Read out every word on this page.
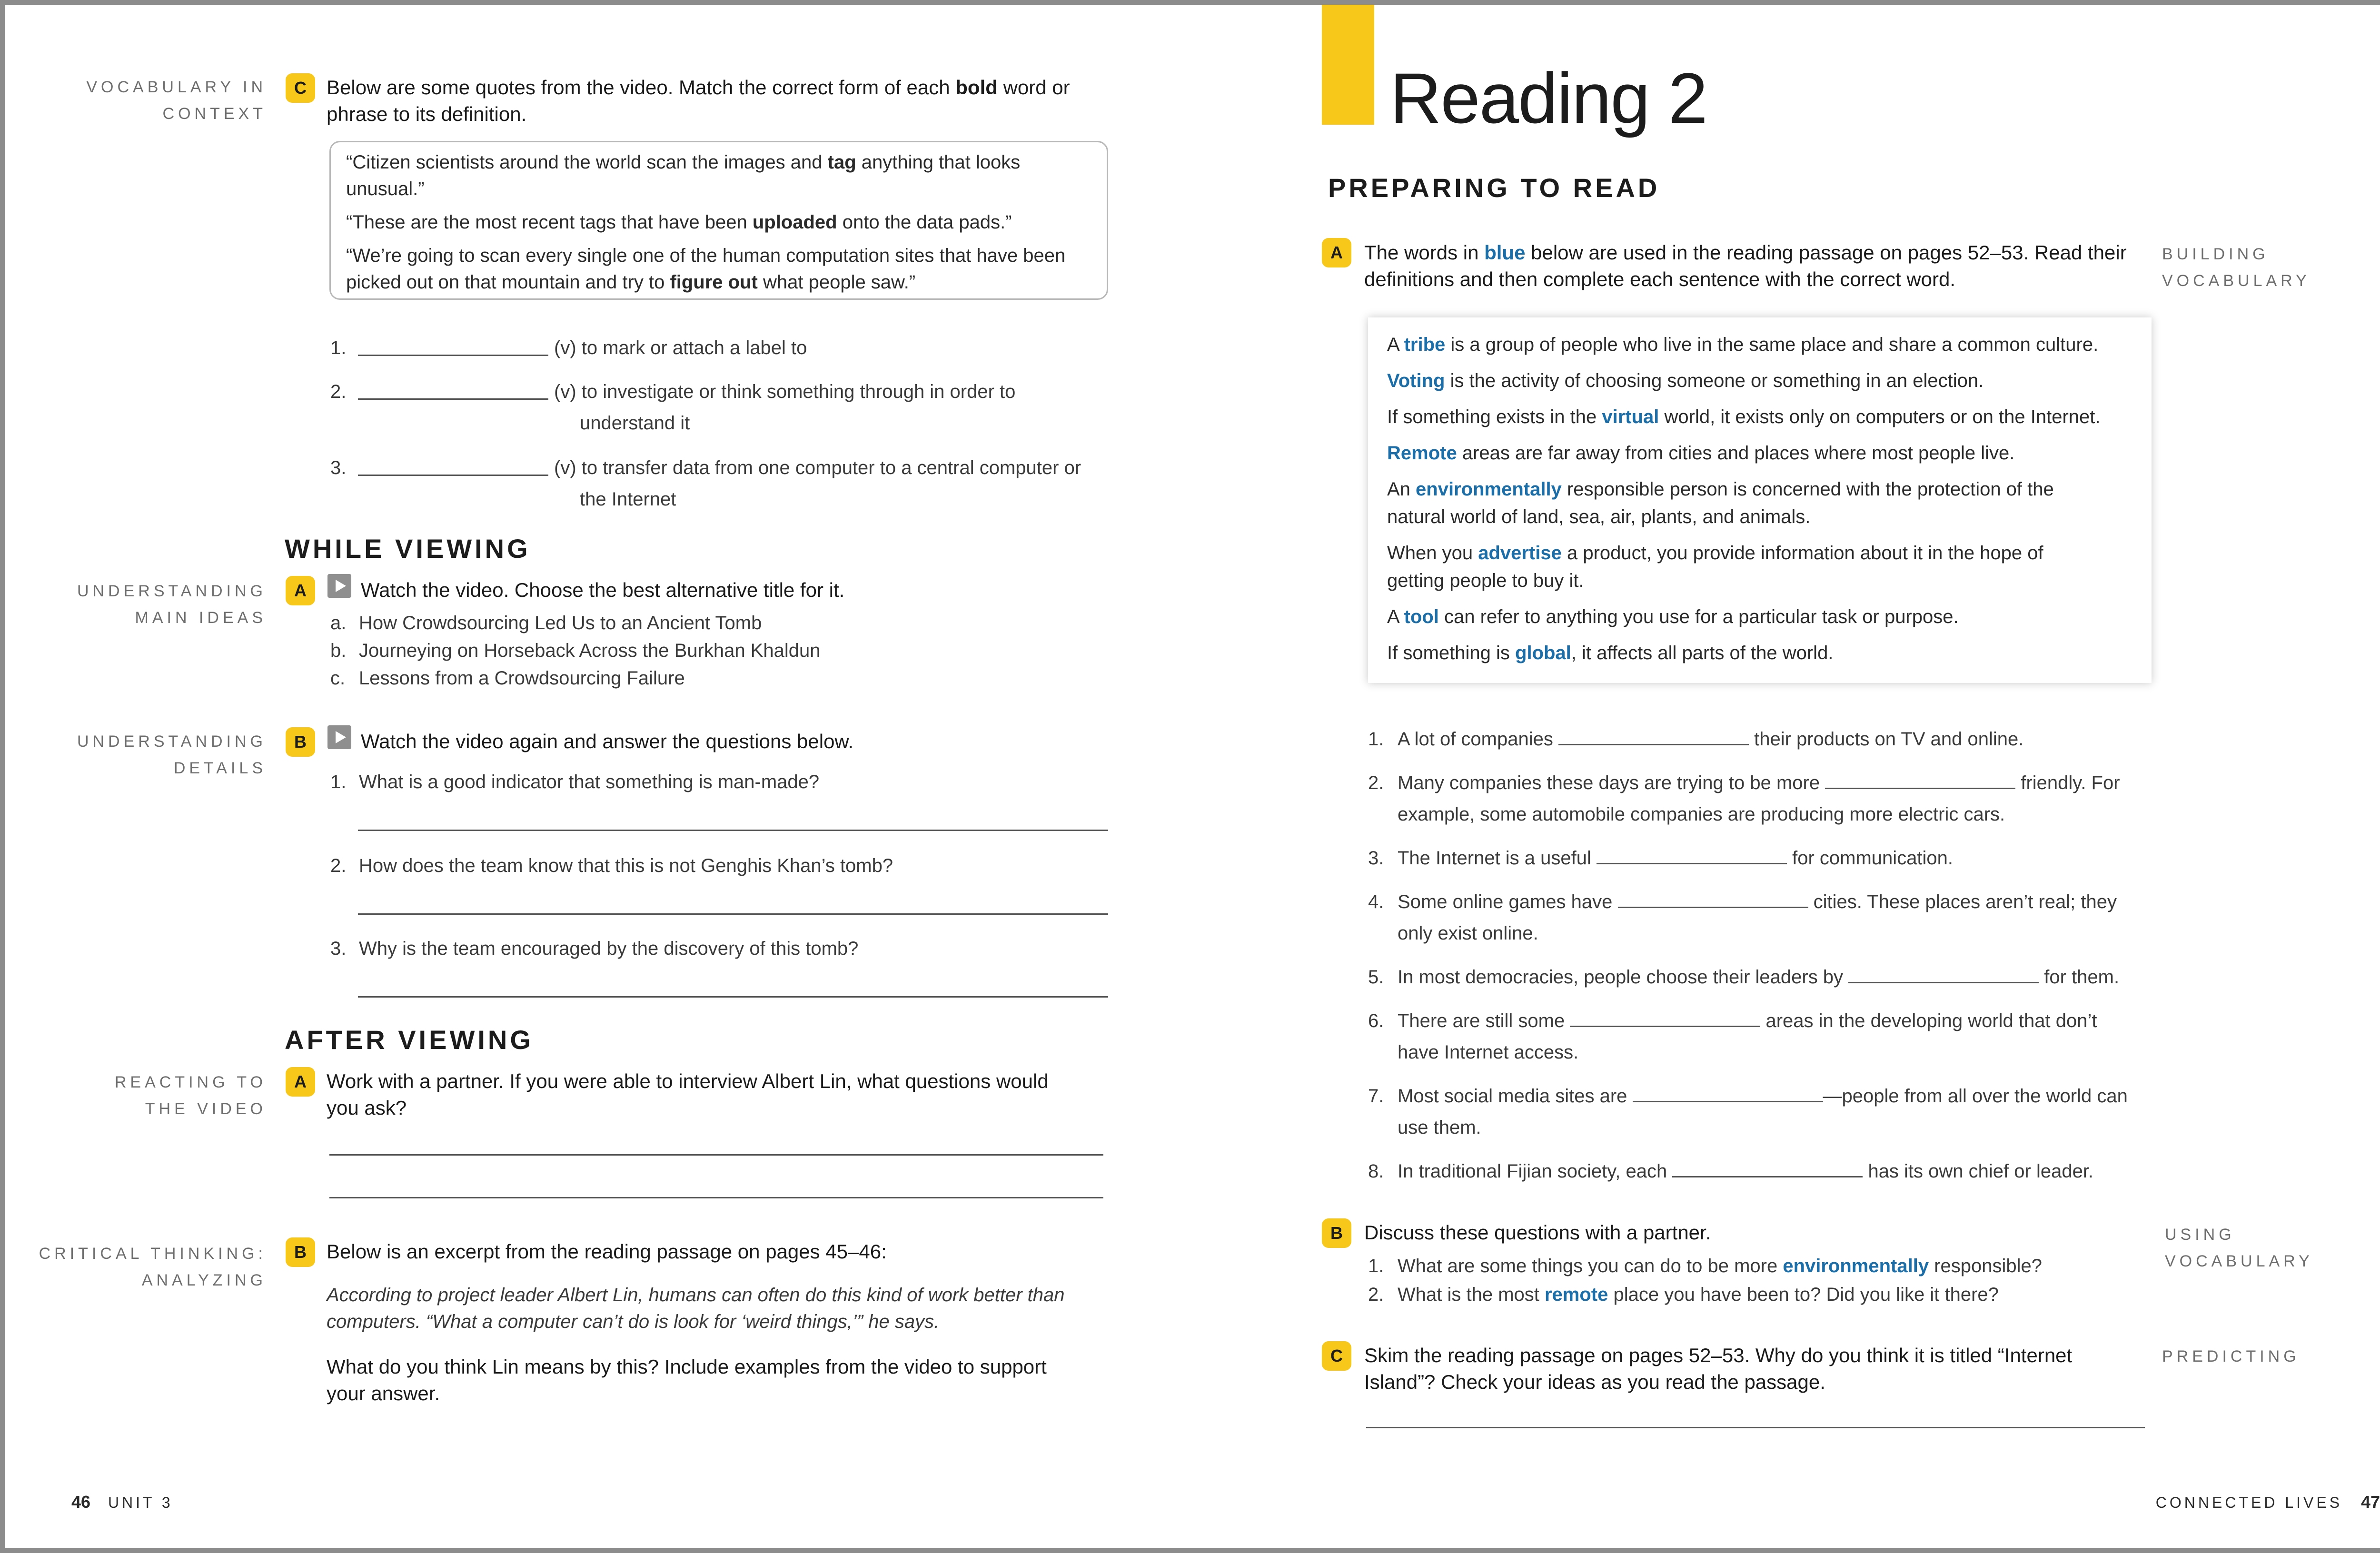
VOCABULARY IN
CONTEXT
C	Below are some quotes from the video. Match the correct form of each bold word or
phrase to its definition.

“Citizen scientists around the world scan the images and tag anything that looks
unusual.”

“These are the most recent tags that have been uploaded onto the data pads.”

“We’re going to scan every single one of the human computation sites that have been
picked out on that mountain and try to figure out what people saw.”

1.	(v) to mark or attach a label to
2.	(v) to investigate or think something through in order to
understand it
3.	(v) to transfer data from one computer to a central computer or
the Internet
WHILE VIEWING
UNDERSTANDING
MAIN IDEAS
A	Watch the video. Choose the best alternative title for it.
a. How Crowdsourcing Led Us to an Ancient Tomb
b. Journeying on Horseback Across the Burkhan Khaldun
c. Lessons from a Crowdsourcing Failure
UNDERSTANDING
DETAILS
B	Watch the video again and answer the questions below.
1. What is a good indicator that something is man-made?
2. How does the team know that this is not Genghis Khan’s tomb?
3. Why is the team encouraged by the discovery of this tomb?
AFTER VIEWING
REACTING TO
THE VIDEO
A	Work with a partner. If you were able to interview Albert Lin, what questions would
you ask?
CRITICAL THINKING:
ANALYZING
B	Below is an excerpt from the reading passage on pages 45–46:
According to project leader Albert Lin, humans can often do this kind of work better than
computers. “What a computer can’t do is look for ‘weird things,’” he says.
What do you think Lin means by this? Include examples from the video to support
your answer.
46 UNIT 3
Reading 2
PREPARING TO READ
A	The words in blue below are used in the reading passage on pages 52–53. Read their
definitions and then complete each sentence with the correct word.
BUILDING
VOCABULARY

A tribe is a group of people who live in the same place and share a common culture.

Voting is the activity of choosing someone or something in an election.

If something exists in the virtual world, it exists only on computers or on the Internet.

Remote areas are far away from cities and places where most people live.

An environmentally responsible person is concerned with the protection of the
natural world of land, sea, air, plants, and animals.

When you advertise a product, you provide information about it in the hope of
getting people to buy it.

A tool can refer to anything you use for a particular task or purpose.

If something is global, it affects all parts of the world.

1. A lot of companies	their products on TV and online.
2. Many companies these days are trying to be more	friendly. For
example, some automobile companies are producing more electric cars.
3. The Internet is a useful	for communication.
4. Some online games have	cities. These places aren’t real; they
only exist online.
5. In most democracies, people choose their leaders by	for them.
6. There are still some	areas in the developing world that don’t
have Internet access.
7. Most social media sites are	—people from all over the world can
use them.
8. In traditional Fijian society, each	has its own chief or leader.
B	Discuss these questions with a partner.	USING
VOCABULARY
1. What are some things you can do to be more environmentally responsible?
2. What is the most remote place you have been to? Did you like it there?
C	Skim the reading passage on pages 52–53. Why do you think it is titled “Internet
Island”? Check your ideas as you read the passage.
PREDICTING
CONNECTED LIVES 47
